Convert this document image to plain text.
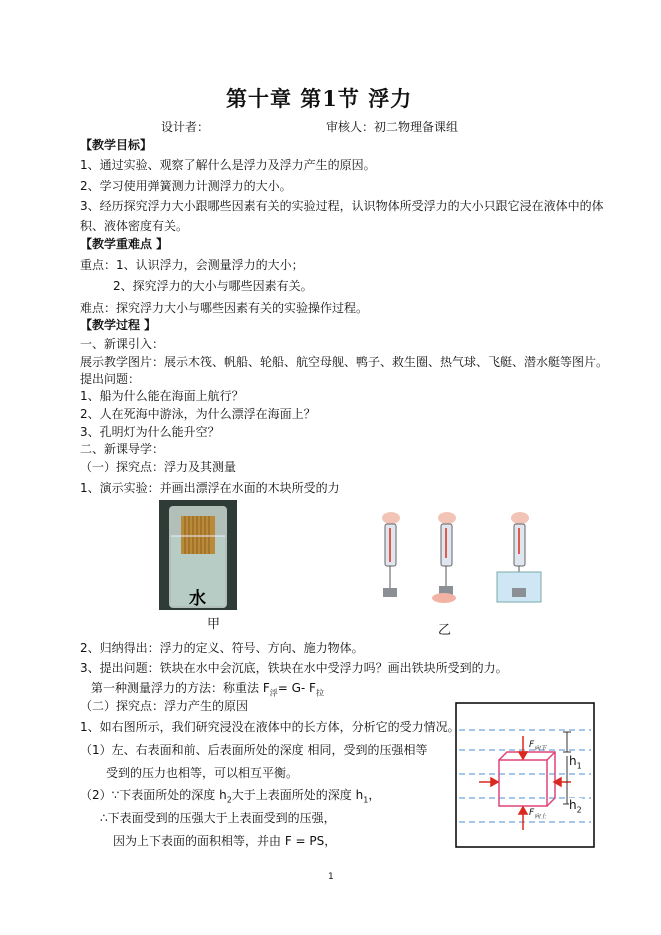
第十章 第1节 浮力
设计者：	审核人：初二物理备课组
【教学目标】
1、通过实验、观察了解什么是浮力及浮力产生的原因。
2、学习使用弹簧测力计测浮力的大小。
3、经历探究浮力大小跟哪些因素有关的实验过程，认识物体所受浮力的大小只跟它浸在液体中的体
积、液体密度有关。
【教学重难点 】
重点：1、认识浮力，会测量浮力的大小；
2、探究浮力的大小与哪些因素有关。
难点：探究浮力大小与哪些因素有关的实验操作过程。
【教学过程 】
一、新课引入：
展示教学图片：展示木筏、帆船、轮船、航空母舰、鸭子、救生圈、热气球、飞艇、潜水艇等图片。
提出问题：
1、船为什么能在海面上航行？
2、人在死海中游泳，为什么漂浮在海面上？
3、孔明灯为什么能升空？
二、新课导学：
（一）探究点：浮力及其测量
1、演示实验：并画出漂浮在水面的木块所受的力
水
甲	乙
2、归纳得出：浮力的定义、符号、方向、施力物体。
3、提出问题：铁块在水中会沉底，铁块在水中受浮力吗？画出铁块所受到的力。
第一种测量浮力的方法：称重法 $F_浮= G-$ $F_拉$
（二）探究点：浮力产生的原因
1、如右图所示，我们研究浸没在液体中的长方体，分析它的受力情况。
（1）左、右表面和前、后表面所处的深度 相同，受到的压强相等
受到的压力也相等，可以相互平衡。
（2）∵下表面所处的深度 $h_2$大于上表面所处的深度 $h_1$，
∴下表面受到的压强大于上表面受到的压强，
因为上下表面的面积相等，并由 F = PS，
$F_{向下}$
$F_{向上}$
$h_1$
$h_2$
1
